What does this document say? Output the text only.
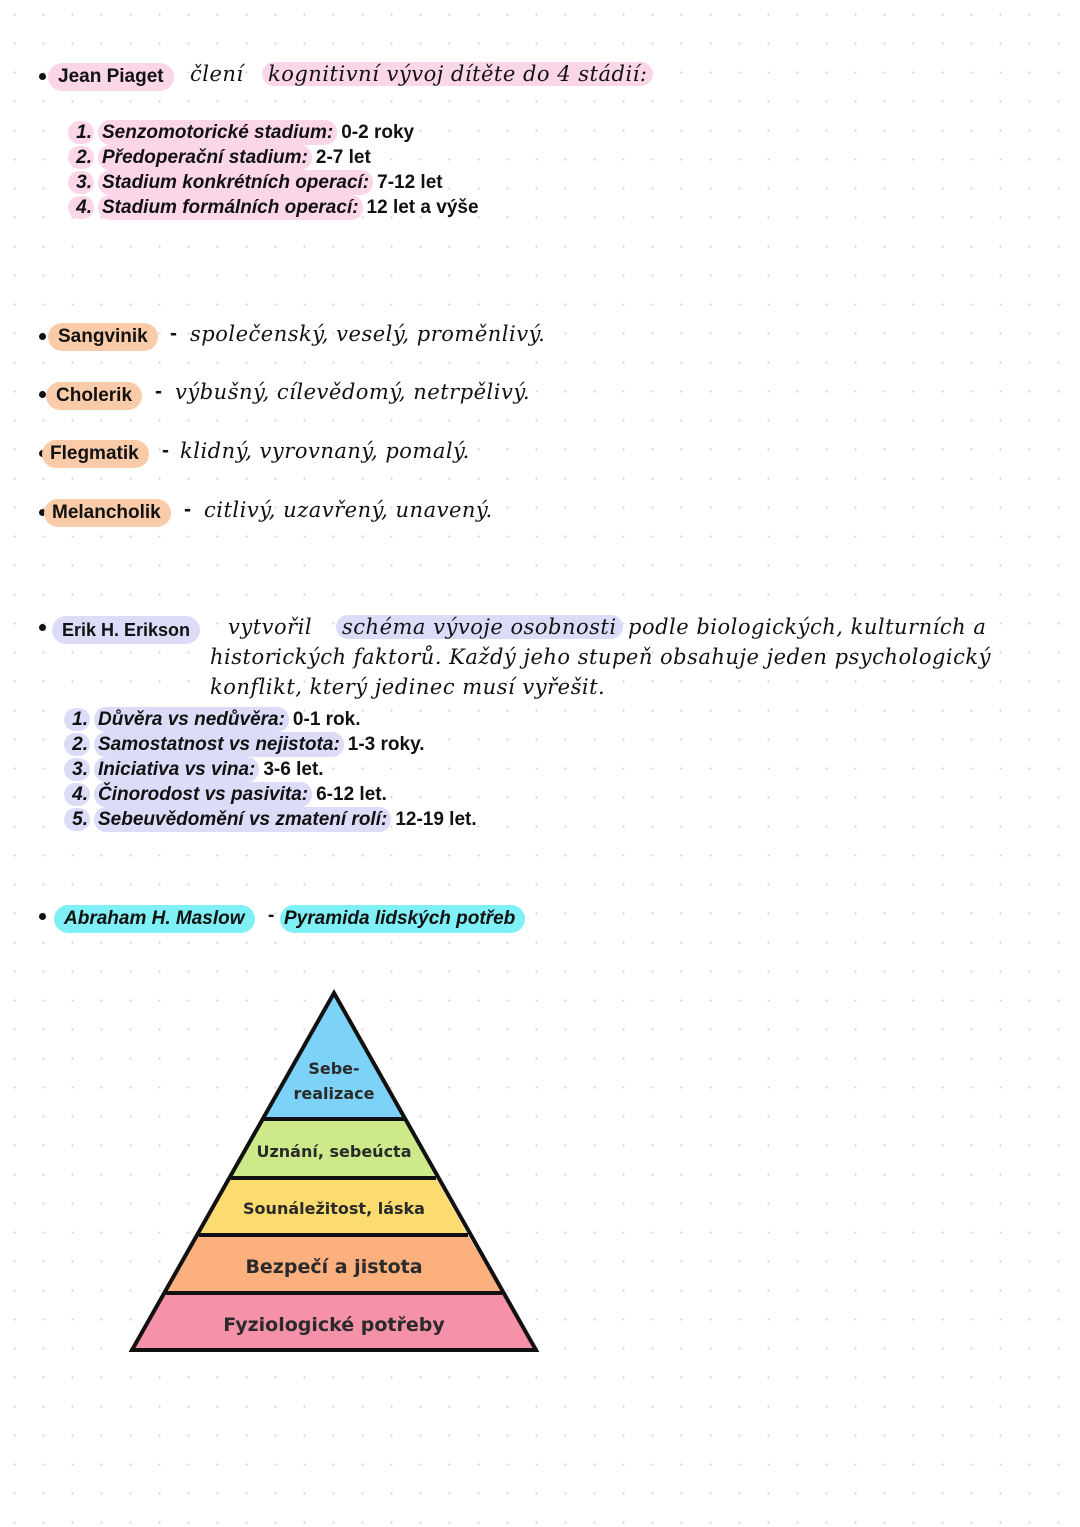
Jean Piaget	člení kognitivní vývoj dítěte do 4 stádií:
1. Senzomotorické stadium: 0-2 roky
2. Předoperační stadium: 2-7 let
3. Stadium konkrétních operací: 7-12 let
4. Stadium formálních operací: 12 let a výše
Sangvinik	- společenský, veselý, proměnlivý.
Cholerik	- výbušný, cílevědomý, netrpělivý.
Flegmatik	- klidný, vyrovnaný, pomalý.
Melancholik	- citlivý, uzavřený, unavený.
Erik H. Erikson	vytvořil schéma vývoje osobnosti podle biologických, kulturních a
historických faktorů. Každý jeho stupeň obsahuje jeden psychologický
konflikt, který jedinec musí vyřešit.
1. Důvěra vs nedůvěra: 0-1 rok.
2. Samostatnost vs nejistota: 1-3 roky.
3. Iniciativa vs vina: 3-6 let.
4. Činorodost vs pasivita: 6-12 let.
5. Sebeuvědomění vs zmatení rolí: 12-19 let.
Abraham H. Maslow	- Pyramida lidských potřeb
Sebe-
realizace
Uznání, sebeúcta
Sounáležitost, láska
Bezpečí a jistota
Fyziologické potřeby
